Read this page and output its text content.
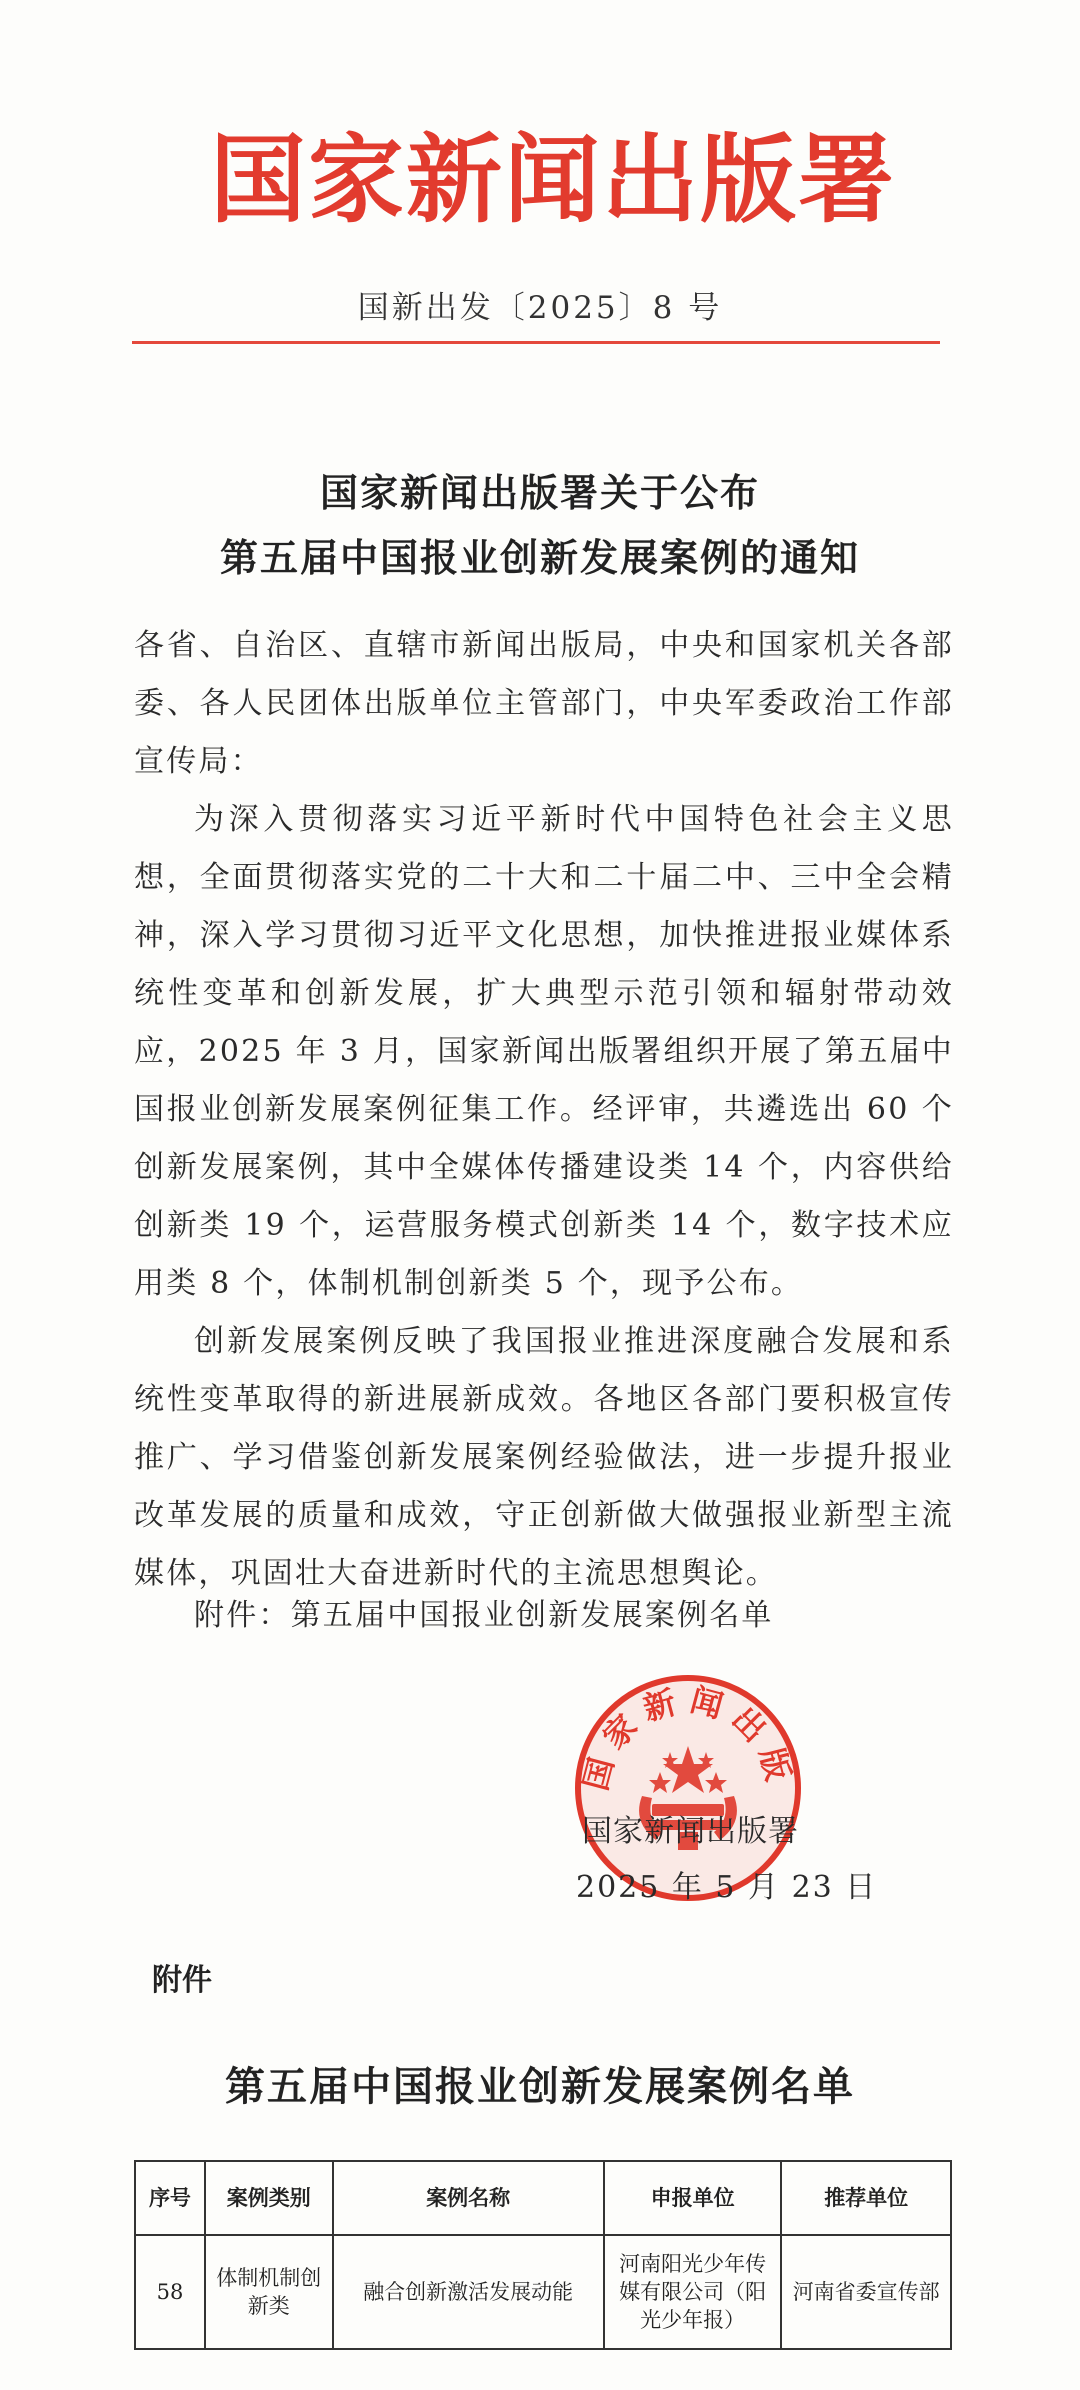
国家新闻出版署
国新出发〔2025〕8 号
国家新闻出版署关于公布
第五届中国报业创新发展案例的通知

各省、自治区、直辖市新闻出版局，中央和国家机关各部委、各人民团体出版单位主管部门，中央军委政治工作部宣传局：

为深入贯彻落实习近平新时代中国特色社会主义思想，全面贯彻落实党的二十大和二十届二中、三中全会精神，深入学习贯彻习近平文化思想，加快推进报业媒体系统性变革和创新发展，扩大典型示范引领和辐射带动效应，2025 年 3 月，国家新闻出版署组织开展了第五届中国报业创新发展案例征集工作。经评审，共遴选出 60 个创新发展案例，其中全媒体传播建设类 14 个，内容供给创新类 19 个，运营服务模式创新类 14 个，数字技术应用类 8 个，体制机制创新类 5 个，现予公布。

创新发展案例反映了我国报业推进深度融合发展和系统性变革取得的新进展新成效。各地区各部门要积极宣传推广、学习借鉴创新发展案例经验做法，进一步提升报业改革发展的质量和成效，守正创新做大做强报业新型主流媒体，巩固壮大奋进新时代的主流思想舆论。

附件：第五届中国报业创新发展案例名单
国家新闻出版
国家新闻出版署
2025 年 5 月 23 日
附件
第五届中国报业创新发展案例名单
序号	案例类别	案例名称	申报单位	推荐单位
58	体制机制创新类	融合创新激活发展动能	河南阳光少年传媒有限公司（阳光少年报）	河南省委宣传部
